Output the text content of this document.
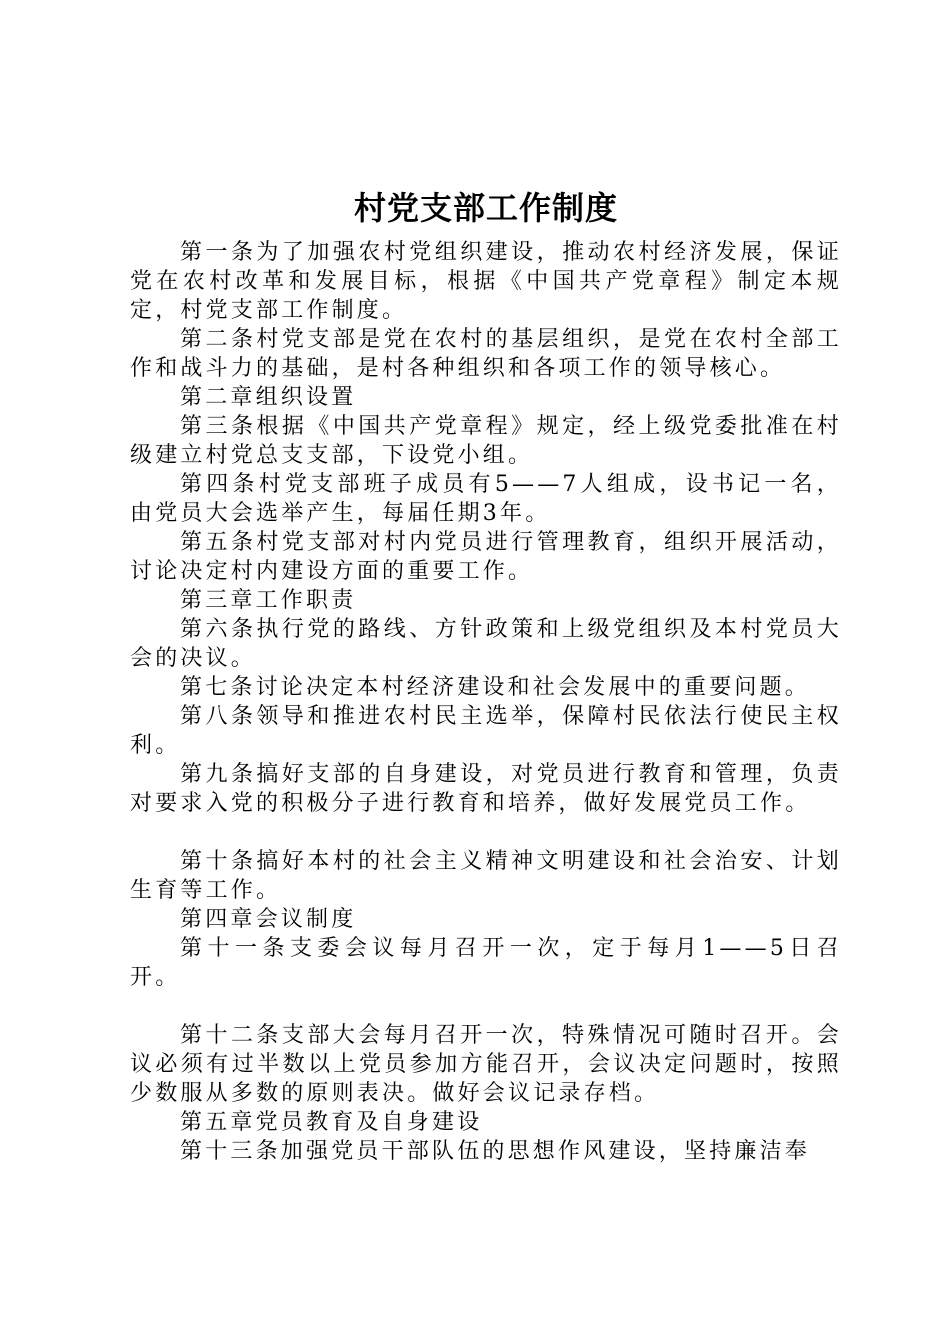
村党支部工作制度

第一条为了加强农村党组织建设，推动农村经济发展，保证党在农村改革和发展目标，根据《中国共产党章程》制定本规定，村党支部工作制度。

第二条村党支部是党在农村的基层组织，是党在农村全部工作和战斗力的基础，是村各种组织和各项工作的领导核心。

第二章组织设置

第三条根据《中国共产党章程》规定，经上级党委批准在村级建立村党总支支部，下设党小组。

第四条村党支部班子成员有5——7人组成，设书记一名，由党员大会选举产生，每届任期3年。

第五条村党支部对村内党员进行管理教育，组织开展活动，讨论决定村内建设方面的重要工作。

第三章工作职责

第六条执行党的路线、方针政策和上级党组织及本村党员大会的决议。

第七条讨论决定本村经济建设和社会发展中的重要问题。

第八条领导和推进农村民主选举，保障村民依法行使民主权利。

第九条搞好支部的自身建设，对党员进行教育和管理，负责对要求入党的积极分子进行教育和培养，做好发展党员工作。

第十条搞好本村的社会主义精神文明建设和社会治安、计划生育等工作。

第四章会议制度

第十一条支委会议每月召开一次，定于每月1——5日召开。

第十二条支部大会每月召开一次，特殊情况可随时召开。会议必须有过半数以上党员参加方能召开，会议决定问题时，按照少数服从多数的原则表决。做好会议记录存档。

第五章党员教育及自身建设

第十三条加强党员干部队伍的思想作风建设，坚持廉洁奉
